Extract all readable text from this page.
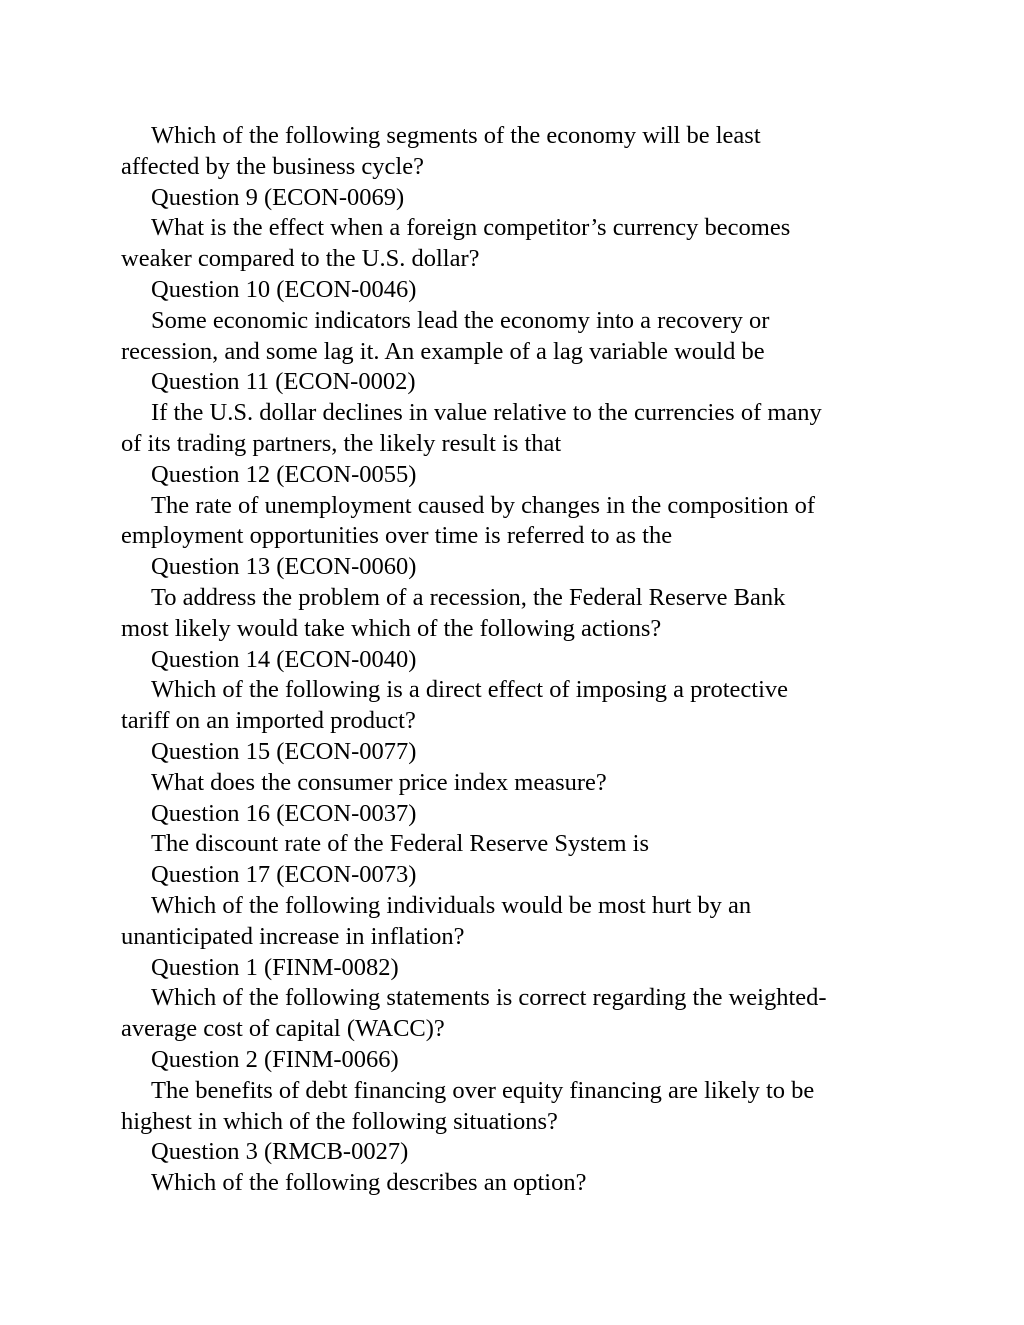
Which of the following segments of the economy will be least
affected by the business cycle?

Question 9 (ECON-0069)

What is the effect when a foreign competitor’s currency becomes
weaker compared to the U.S. dollar?

Question 10 (ECON-0046)

Some economic indicators lead the economy into a recovery or
recession, and some lag it. An example of a lag variable would be

Question 11 (ECON-0002)

If the U.S. dollar declines in value relative to the currencies of many
of its trading partners, the likely result is that

Question 12 (ECON-0055)

The rate of unemployment caused by changes in the composition of
employment opportunities over time is referred to as the

Question 13 (ECON-0060)

To address the problem of a recession, the Federal Reserve Bank
most likely would take which of the following actions?

Question 14 (ECON-0040)

Which of the following is a direct effect of imposing a protective
tariff on an imported product?

Question 15 (ECON-0077)

What does the consumer price index measure?

Question 16 (ECON-0037)

The discount rate of the Federal Reserve System is

Question 17 (ECON-0073)

Which of the following individuals would be most hurt by an
unanticipated increase in inflation?

Question 1 (FINM-0082)

Which of the following statements is correct regarding the weighted-
average cost of capital (WACC)?

Question 2 (FINM-0066)

The benefits of debt financing over equity financing are likely to be
highest in which of the following situations?

Question 3 (RMCB-0027)

Which of the following describes an option?
